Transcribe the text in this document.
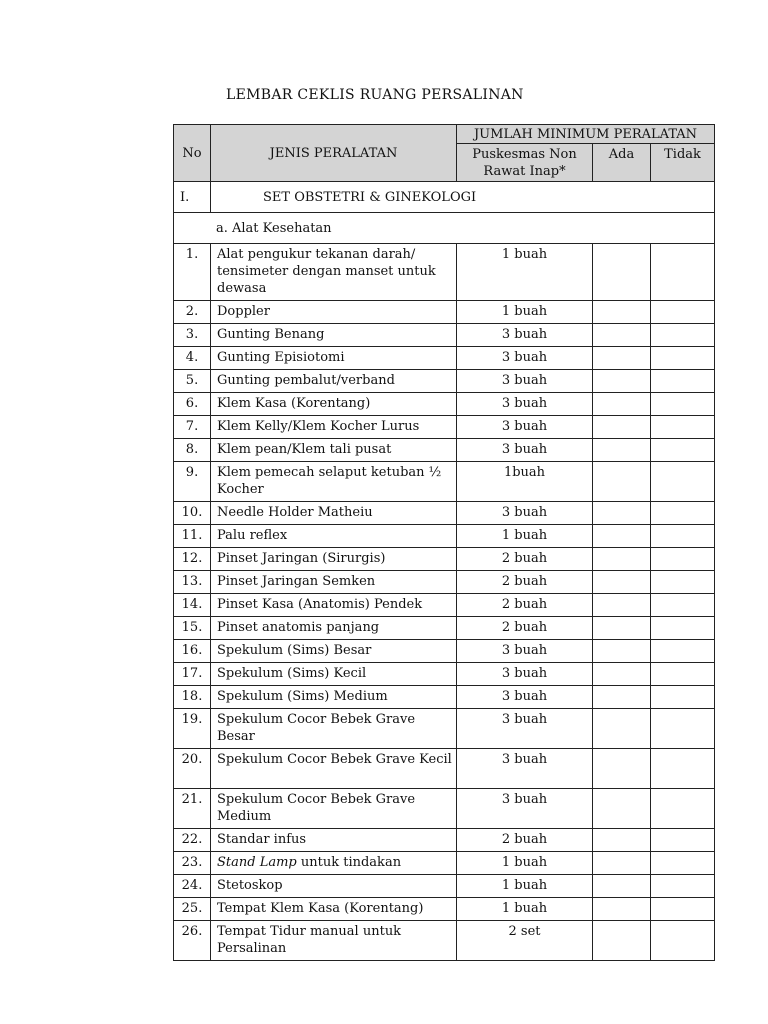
LEMBAR CEKLIS RUANG PERSALINAN
No	JENIS PERALATAN	JUMLAH MINIMUM PERALATAN		
		Puskesmas Non Rawat Inap*	Ada	Tidak
I.	SET OBSTETRI & GINEKOLOGI			
a. Alat Kesehatan				
1.	Alat pengukur tekanan darah/ tensimeter dengan manset untuk dewasa	1 buah		
2.	Doppler	1 buah		
3.	Gunting Benang	3 buah		
4.	Gunting Episiotomi	3 buah		
5.	Gunting pembalut/verband	3 buah		
6.	Klem Kasa (Korentang)	3 buah		
7.	Klem Kelly/Klem Kocher Lurus	3 buah		
8.	Klem pean/Klem tali pusat	3 buah		
9.	Klem pemecah selaput ketuban ½ Kocher	1buah		
10.	Needle Holder Matheiu	3 buah		
11.	Palu reflex	1 buah		
12.	Pinset Jaringan (Sirurgis)	2 buah		
13.	Pinset Jaringan Semken	2 buah		
14.	Pinset Kasa (Anatomis) Pendek	2 buah		
15.	Pinset anatomis panjang	2 buah		
16.	Spekulum (Sims) Besar	3 buah		
17.	Spekulum (Sims) Kecil	3 buah		
18.	Spekulum (Sims) Medium	3 buah		
19.	Spekulum Cocor Bebek Grave Besar	3 buah		
20.	Spekulum Cocor Bebek Grave Kecil	3 buah		
21.	Spekulum Cocor Bebek Grave Medium	3 buah		
22.	Standar infus	2 buah		
23.	Stand Lamp untuk tindakan	1 buah		
24.	Stetoskop	1 buah		
25.	Tempat Klem Kasa (Korentang)	1 buah		
26.	Tempat Tidur manual untuk Persalinan	2 set		
